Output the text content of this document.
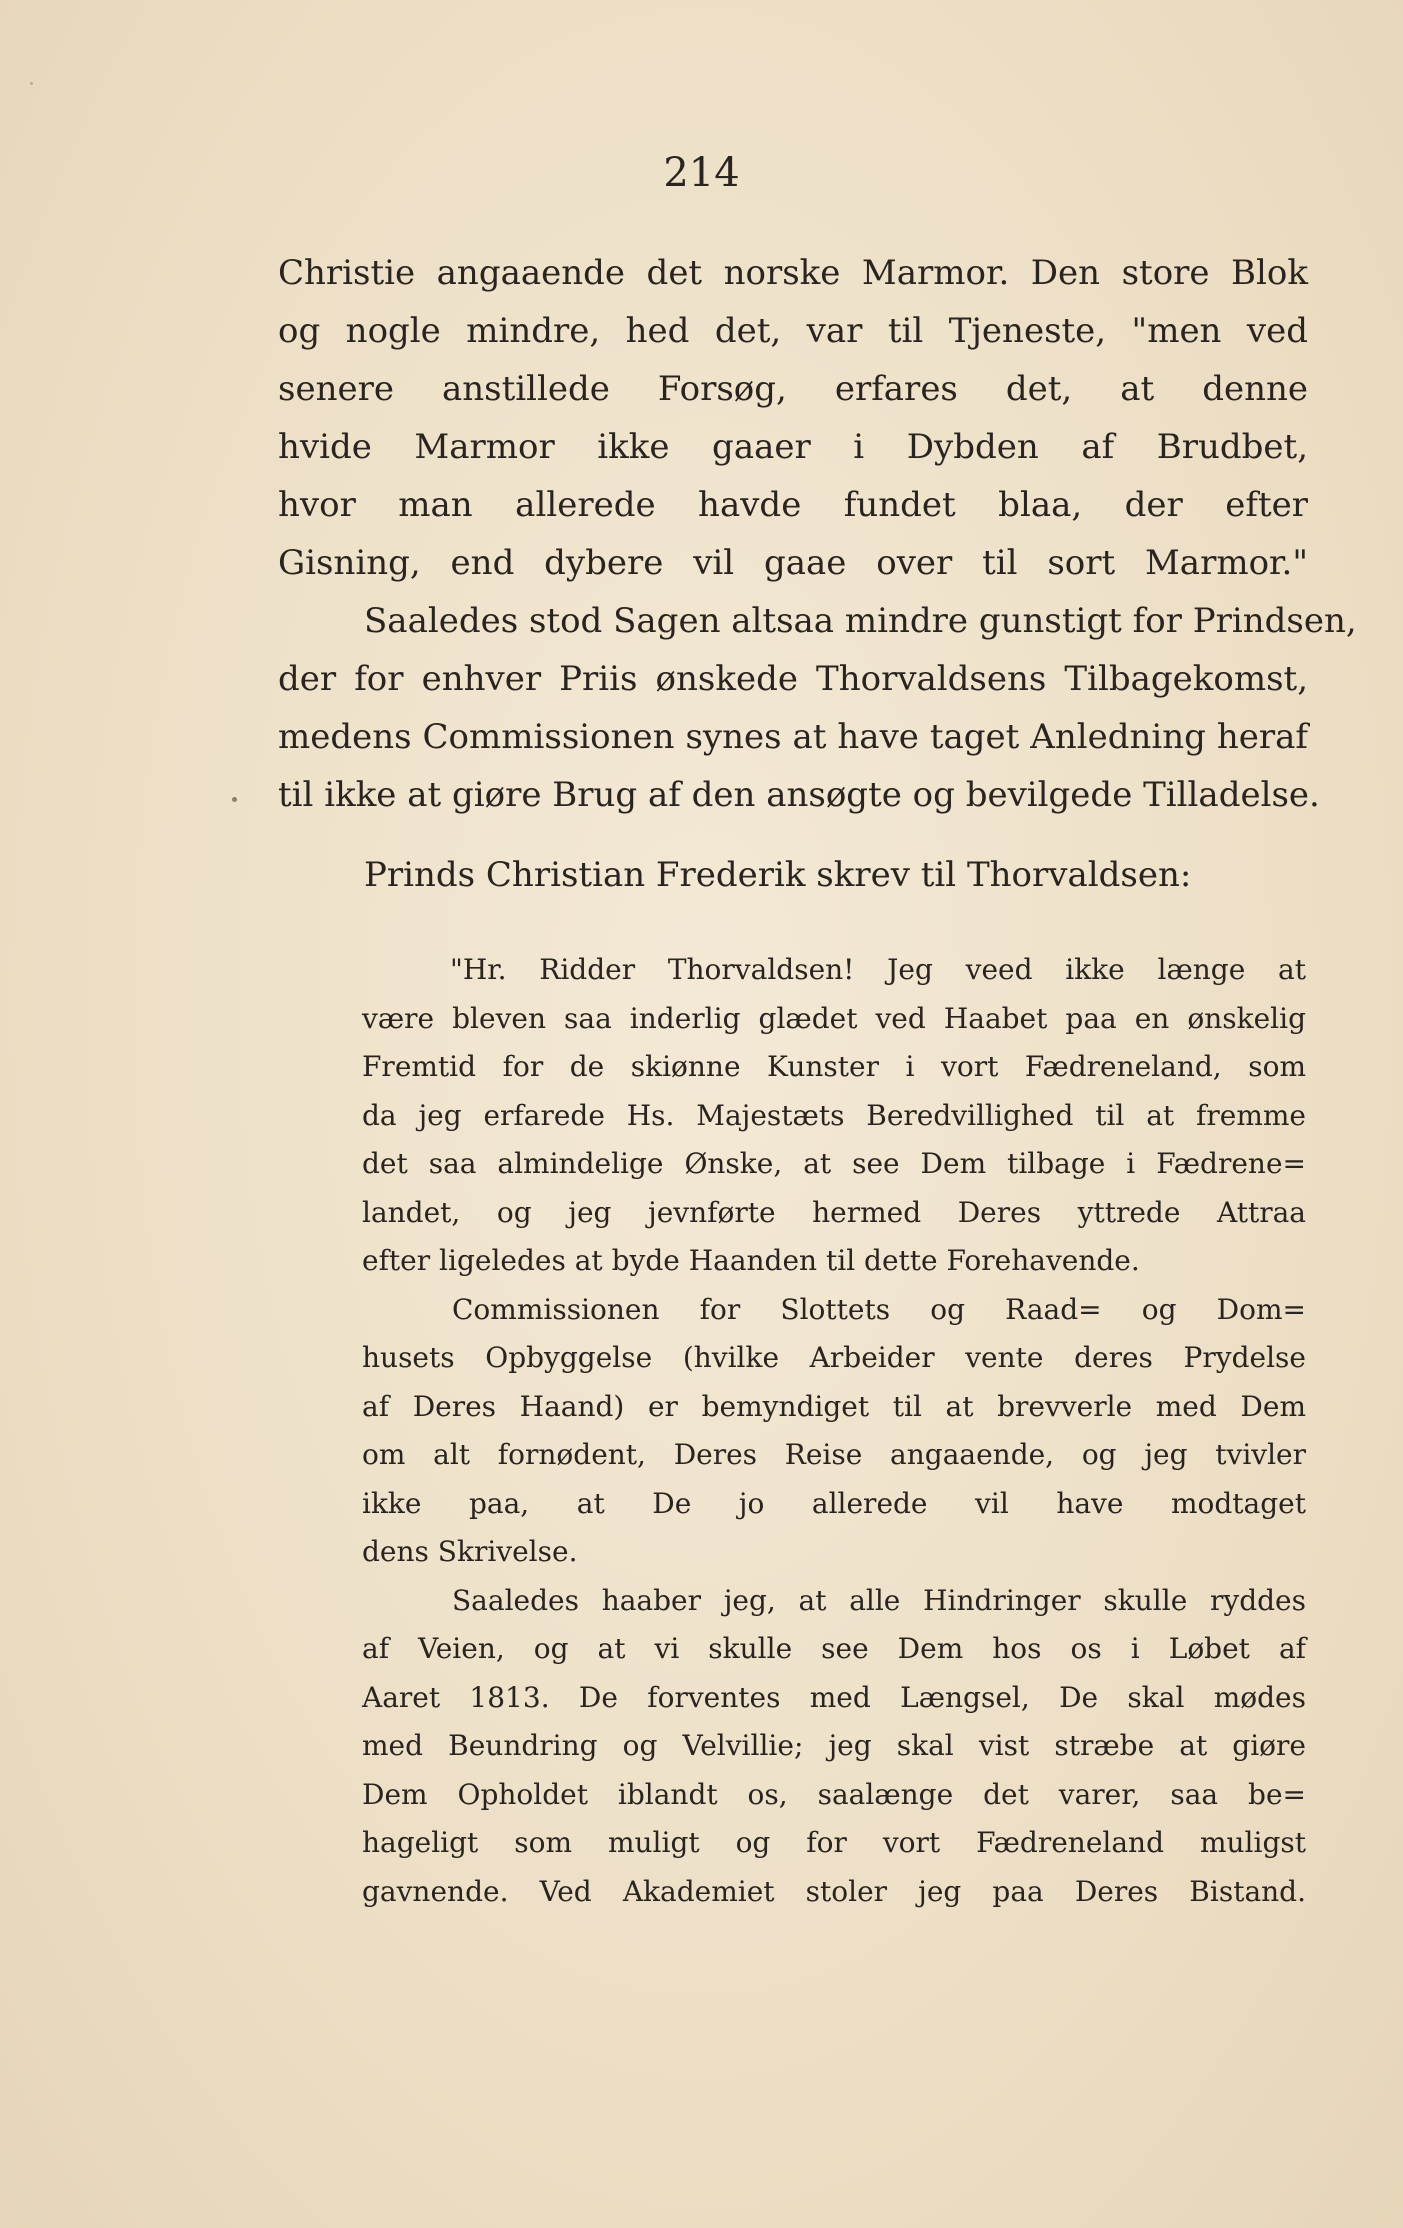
214
Christie angaaende det norske Marmor. Den store Blok
og nogle mindre, hed det, var til Tjeneste, "men ved
senere anstillede Forsøg, erfares det, at denne
hvide Marmor ikke gaaer i Dybden af Brudbet,
hvor man allerede havde fundet blaa, der efter
Gisning, end dybere vil gaae over til sort Marmor."
Saaledes stod Sagen altsaa mindre gunstigt for Prindsen,
der for enhver Priis ønskede Thorvaldsens Tilbagekomst,
medens Commissionen synes at have taget Anledning heraf
til ikke at giøre Brug af den ansøgte og bevilgede Tilladelse.
Prinds Christian Frederik skrev til Thorvaldsen:
"Hr. Ridder Thorvaldsen! Jeg veed ikke længe at
være bleven saa inderlig glædet ved Haabet paa en ønskelig
Fremtid for de skiønne Kunster i vort Fædreneland, som
da jeg erfarede Hs. Majestæts Beredvillighed til at fremme
det saa almindelige Ønske, at see Dem tilbage i Fædrene=
landet, og jeg jevnførte hermed Deres yttrede Attraa
efter ligeledes at byde Haanden til dette Forehavende.
Commissionen for Slottets og Raad= og Dom=
husets Opbyggelse (hvilke Arbeider vente deres Prydelse
af Deres Haand) er bemyndiget til at brevverle med Dem
om alt fornødent, Deres Reise angaaende, og jeg tvivler
ikke paa, at De jo allerede vil have modtaget
dens Skrivelse.
Saaledes haaber jeg, at alle Hindringer skulle ryddes
af Veien, og at vi skulle see Dem hos os i Løbet af
Aaret 1813. De forventes med Længsel, De skal mødes
med Beundring og Velvillie; jeg skal vist stræbe at giøre
Dem Opholdet iblandt os, saalænge det varer, saa be=
hageligt som muligt og for vort Fædreneland muligst
gavnende. Ved Akademiet stoler jeg paa Deres Bistand.
